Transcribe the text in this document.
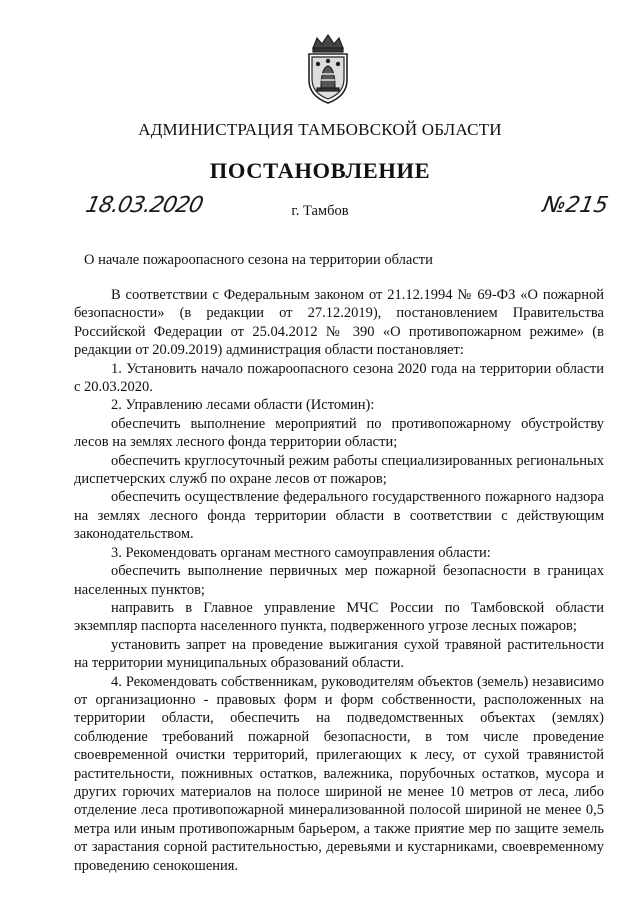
АДМИНИСТРАЦИЯ ТАМБОВСКОЙ ОБЛАСТИ
ПОСТАНОВЛЕНИЕ
18.03.2020	г. Тамбов	№215
О начале пожароопасного сезона на территории области

В соответствии с Федеральным законом от 21.12.1994 № 69-ФЗ «О пожарной безопасности» (в редакции от 27.12.2019), постановлением Правительства Российской Федерации от 25.04.2012 № 390 «О противопожарном режиме» (в редакции от 20.09.2019) администрация области постановляет:

1. Установить начало пожароопасного сезона 2020 года на территории области с 20.03.2020.

2. Управлению лесами области (Истомин):

обеспечить выполнение мероприятий по противопожарному обустройству лесов на землях лесного фонда территории области;

обеспечить круглосуточный режим работы специализированных региональных диспетчерских служб по охране лесов от пожаров;

обеспечить осуществление федерального государственного пожарного надзора на землях лесного фонда территории области в соответствии с действующим законодательством.

3. Рекомендовать органам местного самоуправления области:

обеспечить выполнение первичных мер пожарной безопасности в границах населенных пунктов;

направить в Главное управление МЧС России по Тамбовской области экземпляр паспорта населенного пункта, подверженного угрозе лесных пожаров;

установить запрет на проведение выжигания сухой травяной растительности на территории муниципальных образований области.

4. Рекомендовать собственникам, руководителям объектов (земель) независимо от организационно - правовых форм и форм собственности, расположенных на территории области, обеспечить на подведомственных объектах (землях) соблюдение требований пожарной безопасности, в том числе проведение своевременной очистки территорий, прилегающих к лесу, от сухой травянистой растительности, пожнивных остатков, валежника, порубочных остатков, мусора и других горючих материалов на полосе шириной не менее 10 метров от леса, либо отделение леса противопожарной минерализованной полосой шириной не менее 0,5 метра или иным противопожарным барьером, а также приятие мер по защите земель от зарастания сорной растительностью, деревьями и кустарниками, своевременному проведению сенокошения.
